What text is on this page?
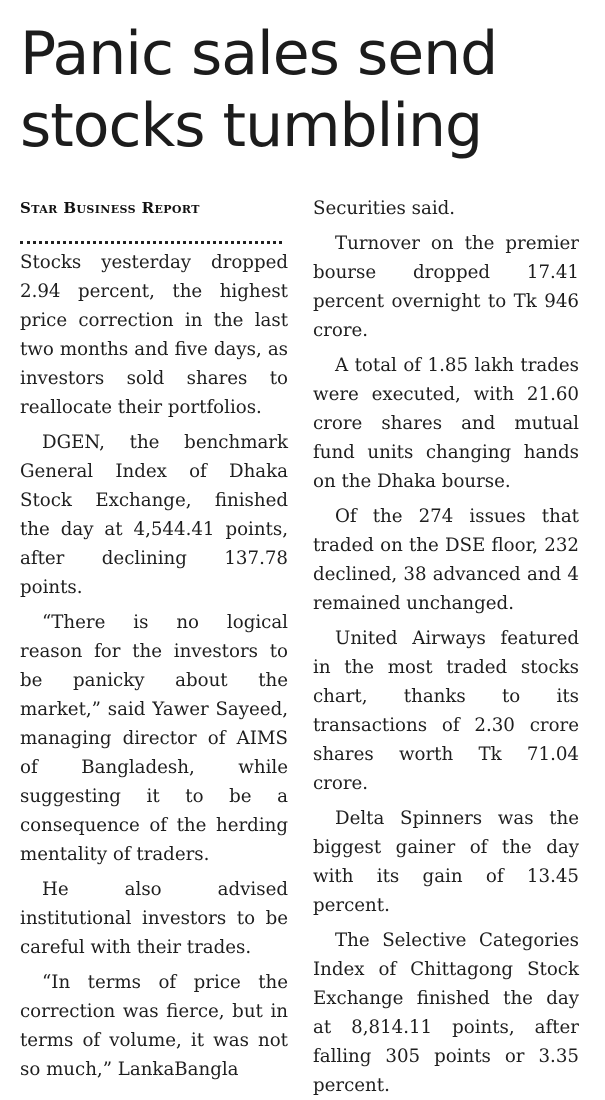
Panic sales send
stocks tumbling
Star Business Report

Stocks yesterday dropped 2.94 percent, the highest price correction in the last two months and five days, as investors sold shares to reallocate their portfolios.

DGEN, the benchmark General Index of Dhaka Stock Exchange, finished the day at 4,544.41 points, after declining 137.78 points.

“There is no logical reason for the investors to be panicky about the market,” said Yawer Sayeed, managing director of AIMS of Bangladesh, while suggesting it to be a consequence of the herding mentality of traders.

He also advised institutional investors to be careful with their trades.

“In terms of price the correction was fierce, but in terms of volume, it was not so much,” LankaBangla

Securities said.

Turnover on the premier bourse dropped 17.41 percent overnight to Tk 946 crore.

A total of 1.85 lakh trades were executed, with 21.60 crore shares and mutual fund units changing hands on the Dhaka bourse.

Of the 274 issues that traded on the DSE floor, 232 declined, 38 advanced and 4 remained unchanged.

United Airways featured in the most traded stocks chart, thanks to its transactions of 2.30 crore shares worth Tk 71.04 crore.

Delta Spinners was the biggest gainer of the day with its gain of 13.45 percent.

The Selective Categories Index of Chittagong Stock Exchange finished the day at 8,814.11 points, after falling 305 points or 3.35 percent.
